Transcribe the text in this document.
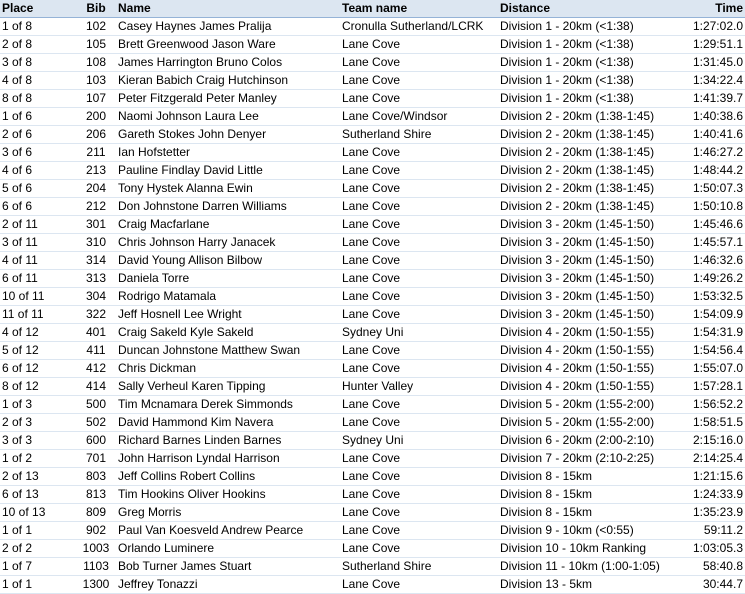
Place	Bib	Name	Team name	Distance	Time
1 of 8	102	Casey Haynes James Pralija	Cronulla Sutherland/LCRK	Division 1 - 20km (<1:38)	1:27:02.0
2 of 8	105	Brett Greenwood Jason Ware	Lane Cove	Division 1 - 20km (<1:38)	1:29:51.1
3 of 8	108	James Harrington Bruno Colos	Lane Cove	Division 1 - 20km (<1:38)	1:31:45.0
4 of 8	103	Kieran Babich Craig Hutchinson	Lane Cove	Division 1 - 20km (<1:38)	1:34:22.4
8 of 8	107	Peter Fitzgerald Peter Manley	Lane Cove	Division 1 - 20km (<1:38)	1:41:39.7
1 of 6	200	Naomi Johnson Laura Lee	Lane Cove/Windsor	Division 2 - 20km (1:38-1:45)	1:40:38.6
2 of 6	206	Gareth Stokes John Denyer	Sutherland Shire	Division 2 - 20km (1:38-1:45)	1:40:41.6
3 of 6	211	Ian Hofstetter	Lane Cove	Division 2 - 20km (1:38-1:45)	1:46:27.2
4 of 6	213	Pauline Findlay David Little	Lane Cove	Division 2 - 20km (1:38-1:45)	1:48:44.2
5 of 6	204	Tony Hystek Alanna Ewin	Lane Cove	Division 2 - 20km (1:38-1:45)	1:50:07.3
6 of 6	212	Don Johnstone Darren Williams	Lane Cove	Division 2 - 20km (1:38-1:45)	1:50:10.8
2 of 11	301	Craig Macfarlane	Lane Cove	Division 3 - 20km (1:45-1:50)	1:45:46.6
3 of 11	310	Chris Johnson Harry Janacek	Lane Cove	Division 3 - 20km (1:45-1:50)	1:45:57.1
4 of 11	314	David Young Allison Bilbow	Lane Cove	Division 3 - 20km (1:45-1:50)	1:46:32.6
6 of 11	313	Daniela Torre	Lane Cove	Division 3 - 20km (1:45-1:50)	1:49:26.2
10 of 11	304	Rodrigo Matamala	Lane Cove	Division 3 - 20km (1:45-1:50)	1:53:32.5
11 of 11	322	Jeff Hosnell Lee Wright	Lane Cove	Division 3 - 20km (1:45-1:50)	1:54:09.9
4 of 12	401	Craig Sakeld Kyle Sakeld	Sydney Uni	Division 4 - 20km (1:50-1:55)	1:54:31.9
5 of 12	411	Duncan Johnstone Matthew Swan	Lane Cove	Division 4 - 20km (1:50-1:55)	1:54:56.4
6 of 12	412	Chris Dickman	Lane Cove	Division 4 - 20km (1:50-1:55)	1:55:07.0
8 of 12	414	Sally Verheul Karen Tipping	Hunter Valley	Division 4 - 20km (1:50-1:55)	1:57:28.1
1 of 3	500	Tim Mcnamara Derek Simmonds	Lane Cove	Division 5 - 20km (1:55-2:00)	1:56:52.2
2 of 3	502	David Hammond Kim Navera	Lane Cove	Division 5 - 20km (1:55-2:00)	1:58:51.5
3 of 3	600	Richard Barnes Linden Barnes	Sydney Uni	Division 6 - 20km (2:00-2:10)	2:15:16.0
1 of 2	701	John Harrison Lyndal Harrison	Lane Cove	Division 7 - 20km (2:10-2:25)	2:14:25.4
2 of 13	803	Jeff Collins Robert Collins	Lane Cove	Division 8 - 15km	1:21:15.6
6 of 13	813	Tim Hookins Oliver Hookins	Lane Cove	Division 8 - 15km	1:24:33.9
10 of 13	809	Greg Morris	Lane Cove	Division 8 - 15km	1:35:23.9
1 of 1	902	Paul Van Koesveld Andrew Pearce	Lane Cove	Division 9 - 10km (<0:55)	59:11.2
2 of 2	1003	Orlando Luminere	Lane Cove	Division 10 - 10km Ranking	1:03:05.3
1 of 7	1103	Bob Turner James Stuart	Sutherland Shire	Division 11 - 10km (1:00-1:05)	58:40.8
1 of 1	1300	Jeffrey Tonazzi	Lane Cove	Division 13 - 5km	30:44.7
